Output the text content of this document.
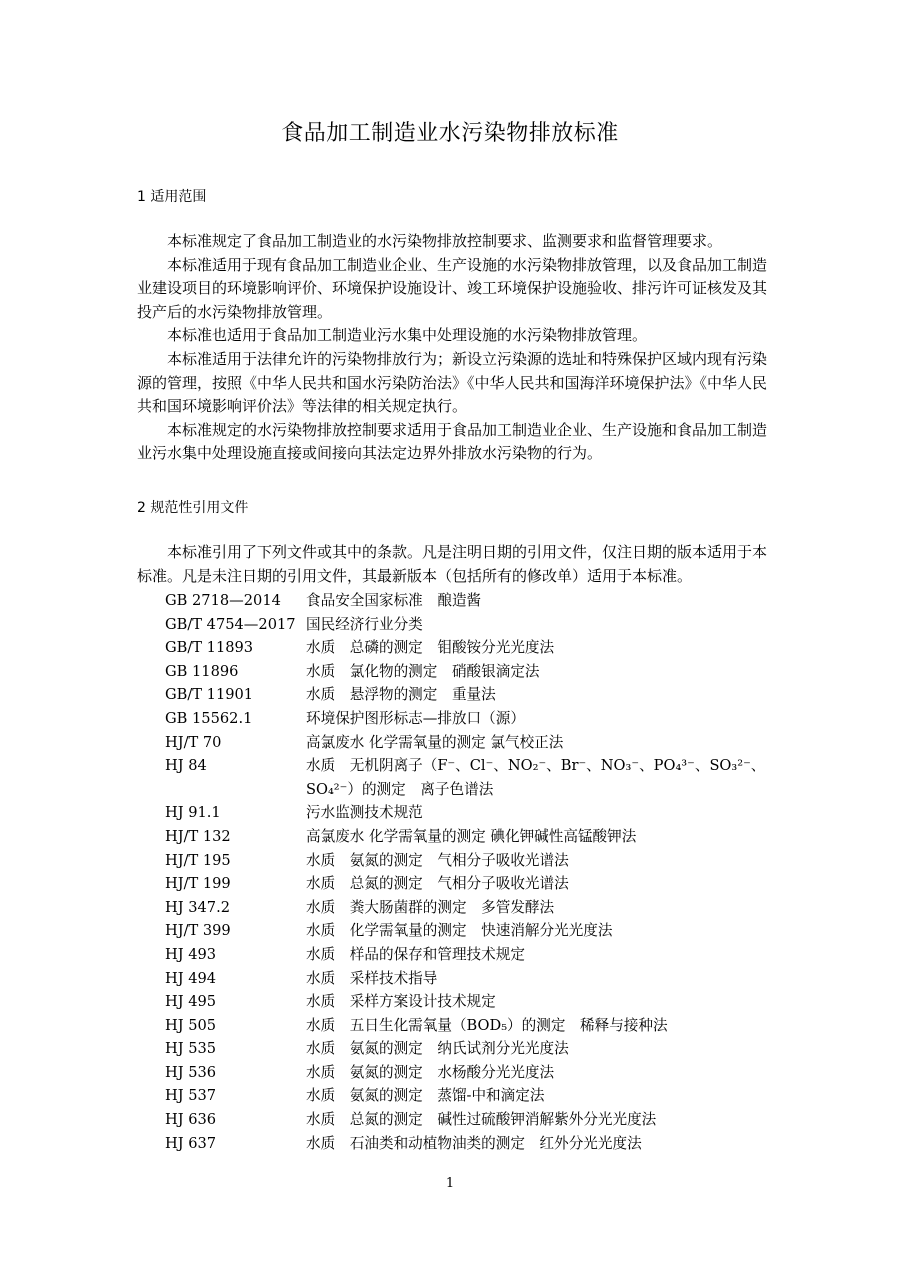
食品加工制造业水污染物排放标准
1 适用范围

本标准规定了食品加工制造业的水污染物排放控制要求、监测要求和监督管理要求。

本标准适用于现有食品加工制造业企业、生产设施的水污染物排放管理，以及食品加工制造业建设项目的环境影响评价、环境保护设施设计、竣工环境保护设施验收、排污许可证核发及其投产后的水污染物排放管理。

本标准也适用于食品加工制造业污水集中处理设施的水污染物排放管理。

本标准适用于法律允许的污染物排放行为；新设立污染源的选址和特殊保护区域内现有污染源的管理，按照《中华人民共和国水污染防治法》《中华人民共和国海洋环境保护法》《中华人民共和国环境影响评价法》等法律的相关规定执行。

本标准规定的水污染物排放控制要求适用于食品加工制造业企业、生产设施和食品加工制造业污水集中处理设施直接或间接向其法定边界外排放水污染物的行为。

2 规范性引用文件

本标准引用了下列文件或其中的条款。凡是注明日期的引用文件，仅注日期的版本适用于本标准。凡是未注日期的引用文件，其最新版本（包括所有的修改单）适用于本标准。

GB 2718—2014	食品安全国家标准　酿造酱
GB/T 4754—2017 国民经济行业分类
GB/T 11893	水质　总磷的测定　钼酸铵分光光度法
GB 11896	水质　氯化物的测定　硝酸银滴定法
GB/T 11901	水质　悬浮物的测定　重量法
GB 15562.1	环境保护图形标志—排放口（源）
HJ/T 70	高氯废水 化学需氧量的测定 氯气校正法
HJ 84	水质　无机阴离子（F⁻、Cl⁻、NO₂⁻、Br⁻、NO₃⁻、PO₄³⁻、SO₃²⁻、SO₄²⁻）的测定　离子色谱法
HJ 91.1	污水监测技术规范
HJ/T 132	高氯废水 化学需氧量的测定 碘化钾碱性高锰酸钾法
HJ/T 195	水质　氨氮的测定　气相分子吸收光谱法
HJ/T 199	水质　总氮的测定　气相分子吸收光谱法
HJ 347.2	水质　粪大肠菌群的测定　多管发酵法
HJ/T 399	水质　化学需氧量的测定　快速消解分光光度法
HJ 493	水质　样品的保存和管理技术规定
HJ 494	水质　采样技术指导
HJ 495	水质　采样方案设计技术规定
HJ 505	水质　五日生化需氧量（BOD₅）的测定　稀释与接种法
HJ 535	水质　氨氮的测定　纳氏试剂分光光度法
HJ 536	水质　氨氮的测定　水杨酸分光光度法
HJ 537	水质　氨氮的测定　蒸馏-中和滴定法
HJ 636	水质　总氮的测定　碱性过硫酸钾消解紫外分光光度法
HJ 637	水质　石油类和动植物油类的测定　红外分光光度法
1
